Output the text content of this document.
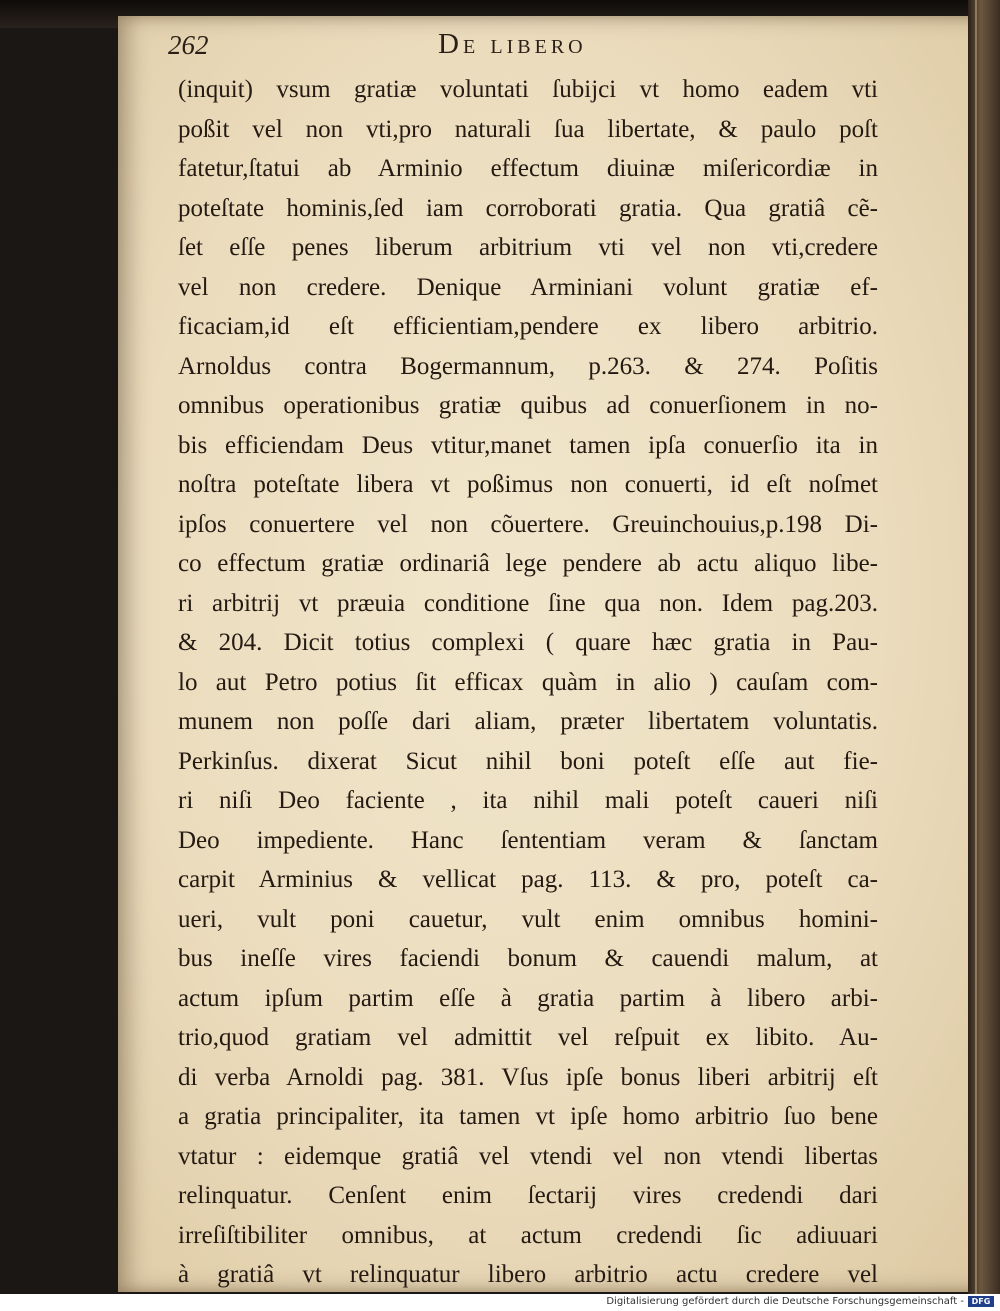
262	De libero
(inquit) vsum gratiæ voluntati ſubijci vt homo eadem vti
poßit vel non vti,pro naturali ſua libertate, & paulo poſt
fatetur,ſtatui ab Arminio effectum diuinæ miſericordiæ in
poteſtate hominis,ſed iam corroborati gratia. Qua gratiâ cẽ-
ſet eſſe penes liberum arbitrium vti vel non vti,credere
vel non credere. Denique Arminiani volunt gratiæ ef-
ficaciam,id eſt efficientiam,pendere ex libero arbitrio.
Arnoldus contra Bogermannum, p.263. & 274. Poſitis
omnibus operationibus gratiæ quibus ad conuerſionem in no-
bis efficiendam Deus vtitur,manet tamen ipſa conuerſio ita in
noſtra poteſtate libera vt poßimus non conuerti, id eſt noſmet
ipſos conuertere vel non cõuertere. Greuinchouius,p.198 Di-
co effectum gratiæ ordinariâ lege pendere ab actu aliquo libe-
ri arbitrij vt præuia conditione ſine qua non. Idem pag.203.
& 204. Dicit totius complexi ( quare hæc gratia in Pau-
lo aut Petro potius ſit efficax quàm in alio ) cauſam com-
munem non poſſe dari aliam, præter libertatem voluntatis.
Perkinſus. dixerat Sicut nihil boni poteſt eſſe aut fie-
ri niſi Deo faciente , ita nihil mali poteſt caueri niſi
Deo impediente. Hanc ſententiam veram & ſanctam
carpit Arminius & vellicat pag. 113. & pro, poteſt ca-
ueri, vult poni cauetur, vult enim omnibus homini-
bus ineſſe vires faciendi bonum & cauendi malum, at
actum ipſum partim eſſe à gratia partim à libero arbi-
trio,quod gratiam vel admittit vel reſpuit ex libito. Au-
di verba Arnoldi pag. 381. Vſus ipſe bonus liberi arbitrij eſt
a gratia principaliter, ita tamen vt ipſe homo arbitrio ſuo bene
vtatur : eidemque gratiâ vel vtendi vel non vtendi libertas
relinquatur. Cenſent enim ſectarij vires credendi dari
irreſiſtibiliter omnibus, at actum credendi ſic adiuuari
à gratiâ vt relinquatur libero arbitrio actu credere vel
Digitalisierung gefördert durch die Deutsche Forschungsgemeinschaft - DFG
